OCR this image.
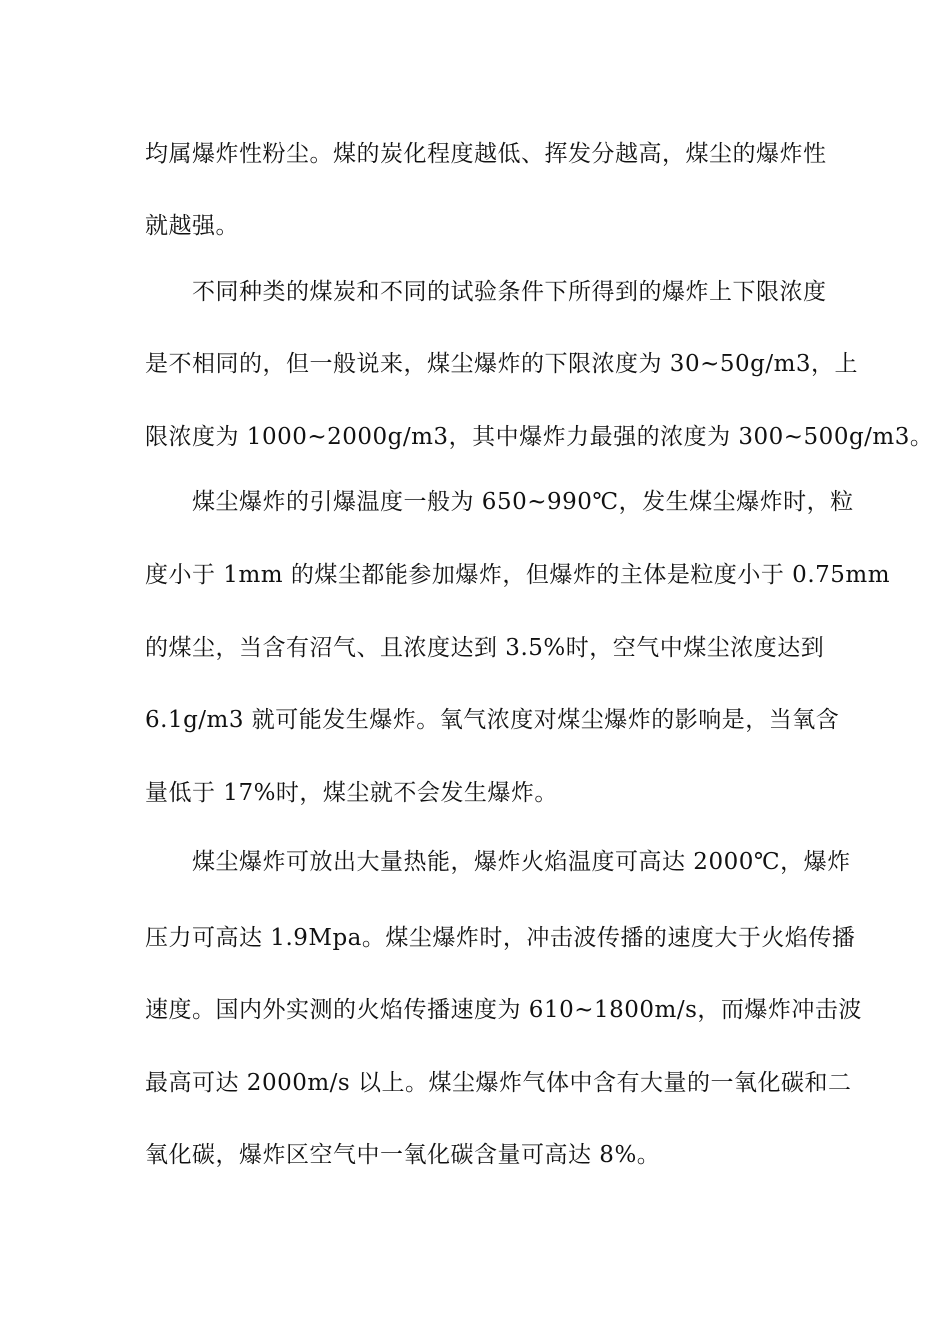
均属爆炸性粉尘。煤的炭化程度越低、挥发分越高，煤尘的爆炸性
就越强。
不同种类的煤炭和不同的试验条件下所得到的爆炸上下限浓度
是不相同的，但一般说来，煤尘爆炸的下限浓度为 30~50g/m3，上
限浓度为 1000~2000g/m3，其中爆炸力最强的浓度为 300~500g/m3。
煤尘爆炸的引爆温度一般为 650~990℃，发生煤尘爆炸时，粒
度小于 1mm 的煤尘都能参加爆炸，但爆炸的主体是粒度小于 0.75mm
的煤尘，当含有沼气、且浓度达到 3.5%时，空气中煤尘浓度达到
6.1g/m3 就可能发生爆炸。氧气浓度对煤尘爆炸的影响是，当氧含
量低于 17%时，煤尘就不会发生爆炸。
煤尘爆炸可放出大量热能，爆炸火焰温度可高达 2000℃，爆炸
压力可高达 1.9Mpa。煤尘爆炸时，冲击波传播的速度大于火焰传播
速度。国内外实测的火焰传播速度为 610~1800m/s，而爆炸冲击波
最高可达 2000m/s 以上。煤尘爆炸气体中含有大量的一氧化碳和二
氧化碳，爆炸区空气中一氧化碳含量可高达 8%。
